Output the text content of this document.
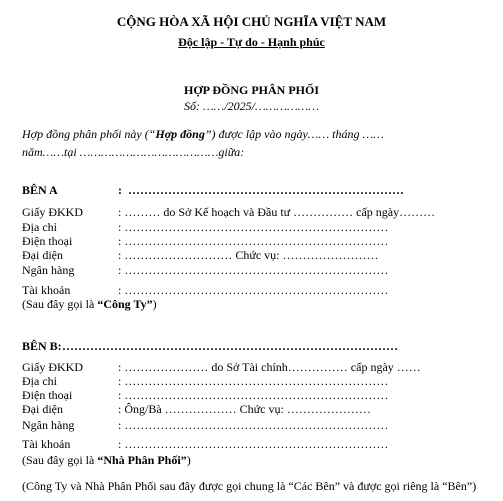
CỘNG HÒA XÃ HỘI CHỦ NGHĨA VIỆT NAM
Độc lập - Tự do - Hạnh phúc
HỢP ĐỒNG PHÂN PHỐI
Số: ……/2025/………………
Hợp đồng phân phối này (“Hợp đồng”) được lập vào ngày…… tháng ……
năm……tại …………………………………giữa:
BÊN A	: ……………………………………………………………
Giấy ĐKKD	: ……… do Sở Kế hoạch và Đầu tư …………… cấp ngày………
Địa chỉ	: …………………………………………………………
Điện thoại	: …………………………………………………………
Đại diện	: ……………………… Chức vụ: ……………………
Ngân hàng	: …………………………………………………………
Tài khoản	: …………………………………………………………
(Sau đây gọi là “Công Ty”)
BÊN B: …………………………………………………………………………
Giấy ĐKKD	: ………………… do Sở Tài chính…………… cấp ngày ……
Địa chỉ	: …………………………………………………………
Điện thoại	: …………………………………………………………
Đại diện	: Ông/Bà ……………… Chức vụ: …………………
Ngân hàng	: …………………………………………………………
Tài khoản	: …………………………………………………………
(Sau đây gọi là “Nhà Phân Phối”)
(Công Ty và Nhà Phân Phối sau đây được gọi chung là “Các Bên” và được gọi riêng là “Bên”)
